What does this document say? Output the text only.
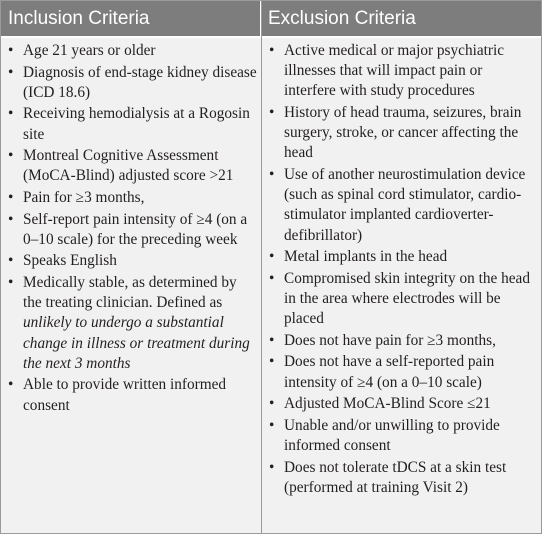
Inclusion Criteria
• Age 21 years or older
• Diagnosis of end-stage kidney disease (ICD 18.6)
• Receiving hemodialysis at a Rogosin site
• Montreal Cognitive Assessment (MoCA-Blind) adjusted score >21
• Pain for ≥3 months,
• Self-report pain intensity of ≥4 (on a 0–10 scale) for the preceding week
• Speaks English
• Medically stable, as determined by the treating clinician. Defined as unlikely to undergo a substantial change in illness or treatment during the next 3 months
• Able to provide written informed consent
Exclusion Criteria
• Active medical or major psychiatric illnesses that will impact pain or interfere with study procedures
• History of head trauma, seizures, brain surgery, stroke, or cancer affecting the head
• Use of another neurostimulation device (such as spinal cord stimulator, cardio-stimulator implanted cardioverter-defibrillator)
• Metal implants in the head
• Compromised skin integrity on the head in the area where electrodes will be placed
• Does not have pain for ≥3 months,
• Does not have a self-reported pain intensity of ≥4 (on a 0–10 scale)
• Adjusted MoCA-Blind Score ≤21
• Unable and/or unwilling to provide informed consent
• Does not tolerate tDCS at a skin test (performed at training Visit 2)
